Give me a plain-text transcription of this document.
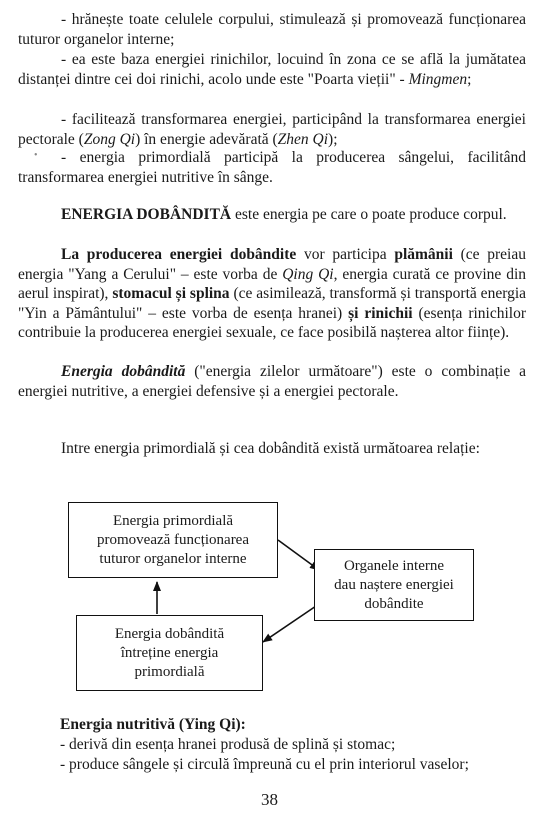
- hrănește toate celulele corpului, stimulează și promovează funcționarea tuturor organelor interne;

- ea este baza energiei rinichilor, locuind în zona ce se află la jumătatea distanței dintre cei doi rinichi, acolo unde este "Poarta vieții" - Mingmen;

- facilitează transformarea energiei, participând la transformarea energiei pectorale (Zong Qi) în energie adevărată (Zhen Qi);

•	- energia primordială participă la producerea sângelui, facilitând transformarea energiei nutritive în sânge.

ENERGIA DOBÂNDITĂ este energia pe care o poate produce corpul.

La producerea energiei dobândite vor participa plămânii (ce preiau energia "Yang a Cerului" – este vorba de Qing Qi, energia curată ce provine din aerul inspirat), stomacul și splina (ce asimilează, transformă și transportă energia "Yin a Pământului" – este vorba de esența hranei) și rinichii (esența rinichilor contribuie la producerea energiei sexuale, ce face posibilă nașterea altor ființe).

Energia dobândită ("energia zilelor următoare") este o combinație a energiei nutritive, a energiei defensive și a energiei pectorale.

Intre energia primordială și cea dobândită există următoarea relație:

Energia primordială
promovează funcționarea
tuturor organelor interne	Organele interne
dau naștere energiei
dobândite
Energia dobândită
întreține energia
primordială

Energia nutritivă (Ying Qi):

- derivă din esența hranei produsă de splină și stomac;

- produce sângele și circulă împreună cu el prin interiorul vaselor;

38
